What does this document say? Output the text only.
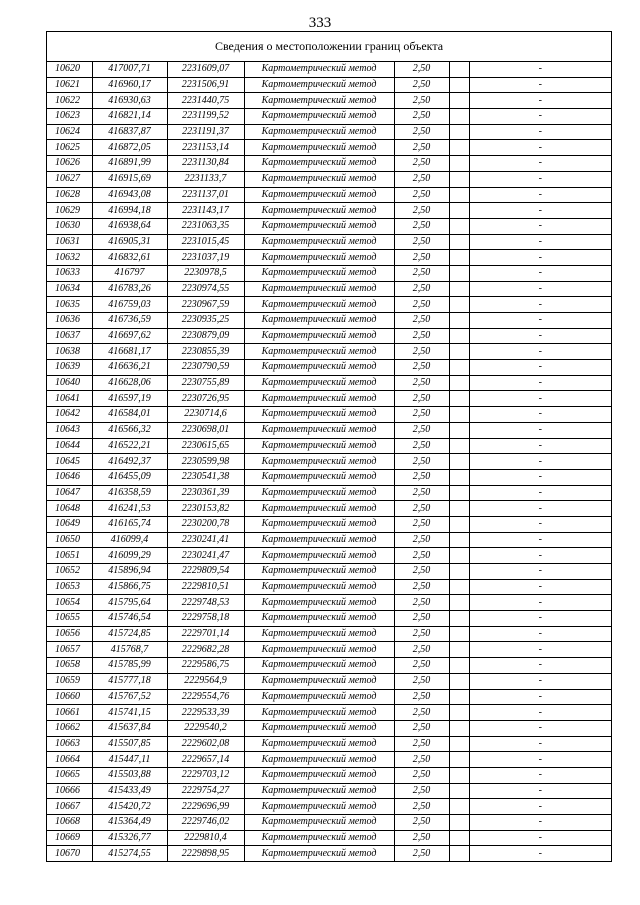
333
Сведения о местоположении границ объекта
10620	417007,71	2231609,07	Картометрический метод	2,50		-
10621	416960,17	2231506,91	Картометрический метод	2,50		-
10622	416930,63	2231440,75	Картометрический метод	2,50		-
10623	416821,14	2231199,52	Картометрический метод	2,50		-
10624	416837,87	2231191,37	Картометрический метод	2,50		-
10625	416872,05	2231153,14	Картометрический метод	2,50		-
10626	416891,99	2231130,84	Картометрический метод	2,50		-
10627	416915,69	2231133,7	Картометрический метод	2,50		-
10628	416943,08	2231137,01	Картометрический метод	2,50		-
10629	416994,18	2231143,17	Картометрический метод	2,50		-
10630	416938,64	2231063,35	Картометрический метод	2,50		-
10631	416905,31	2231015,45	Картометрический метод	2,50		-
10632	416832,61	2231037,19	Картометрический метод	2,50		-
10633	416797	2230978,5	Картометрический метод	2,50		-
10634	416783,26	2230974,55	Картометрический метод	2,50		-
10635	416759,03	2230967,59	Картометрический метод	2,50		-
10636	416736,59	2230935,25	Картометрический метод	2,50		-
10637	416697,62	2230879,09	Картометрический метод	2,50		-
10638	416681,17	2230855,39	Картометрический метод	2,50		-
10639	416636,21	2230790,59	Картометрический метод	2,50		-
10640	416628,06	2230755,89	Картометрический метод	2,50		-
10641	416597,19	2230726,95	Картометрический метод	2,50		-
10642	416584,01	2230714,6	Картометрический метод	2,50		-
10643	416566,32	2230698,01	Картометрический метод	2,50		-
10644	416522,21	2230615,65	Картометрический метод	2,50		-
10645	416492,37	2230599,98	Картометрический метод	2,50		-
10646	416455,09	2230541,38	Картометрический метод	2,50		-
10647	416358,59	2230361,39	Картометрический метод	2,50		-
10648	416241,53	2230153,82	Картометрический метод	2,50		-
10649	416165,74	2230200,78	Картометрический метод	2,50		-
10650	416099,4	2230241,41	Картометрический метод	2,50		-
10651	416099,29	2230241,47	Картометрический метод	2,50		-
10652	415896,94	2229809,54	Картометрический метод	2,50		-
10653	415866,75	2229810,51	Картометрический метод	2,50		-
10654	415795,64	2229748,53	Картометрический метод	2,50		-
10655	415746,54	2229758,18	Картометрический метод	2,50		-
10656	415724,85	2229701,14	Картометрический метод	2,50		-
10657	415768,7	2229682,28	Картометрический метод	2,50		-
10658	415785,99	2229586,75	Картометрический метод	2,50		-
10659	415777,18	2229564,9	Картометрический метод	2,50		-
10660	415767,52	2229554,76	Картометрический метод	2,50		-
10661	415741,15	2229533,39	Картометрический метод	2,50		-
10662	415637,84	2229540,2	Картометрический метод	2,50		-
10663	415507,85	2229602,08	Картометрический метод	2,50		-
10664	415447,11	2229657,14	Картометрический метод	2,50		-
10665	415503,88	2229703,12	Картометрический метод	2,50		-
10666	415433,49	2229754,27	Картометрический метод	2,50		-
10667	415420,72	2229696,99	Картометрический метод	2,50		-
10668	415364,49	2229746,02	Картометрический метод	2,50		-
10669	415326,77	2229810,4	Картометрический метод	2,50		-
10670	415274,55	2229898,95	Картометрический метод	2,50		-
